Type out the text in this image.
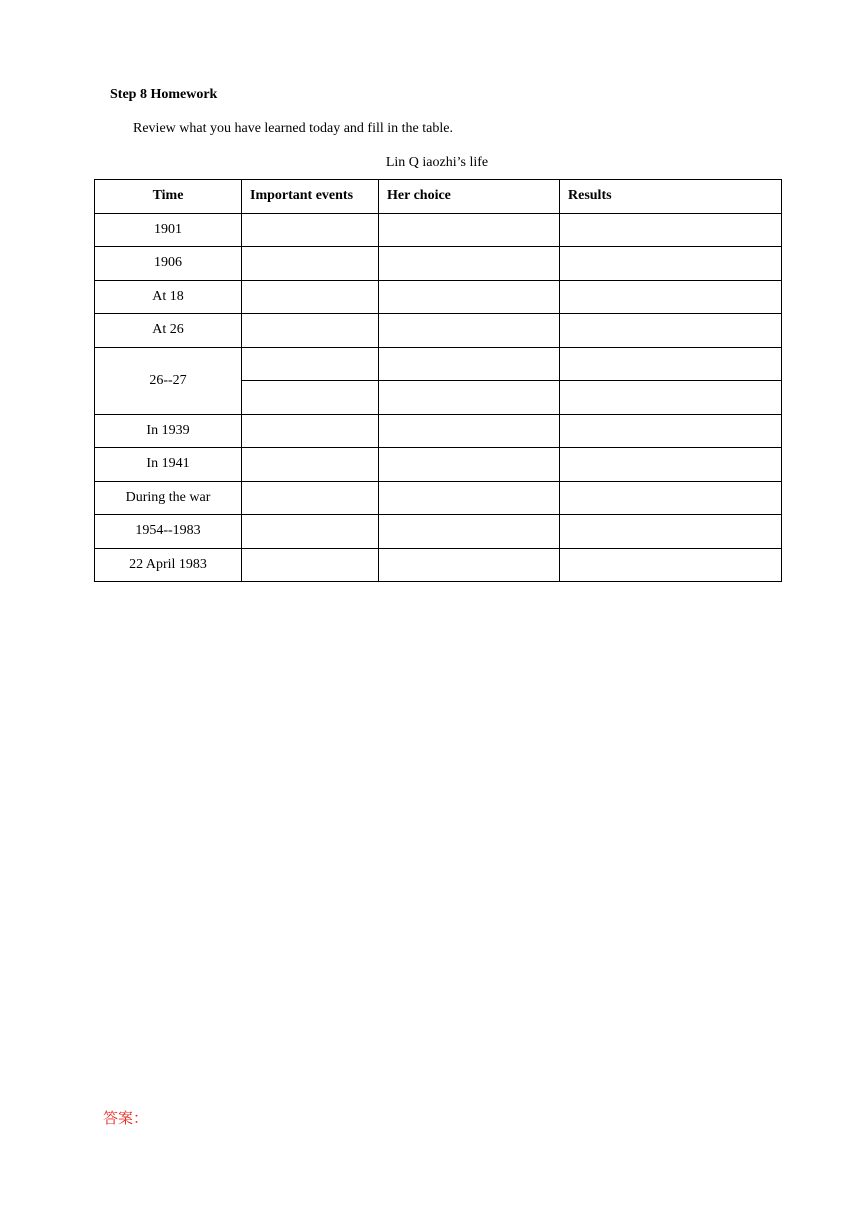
Step 8 Homework
Review what you have learned today and fill in the table.
Lin Q iaozhi’s life
Time	Important events	Her choice	Results
1901			
1906			
At 18			
At 26			
26--27			

In 1939			
In 1941			
During the war			
1954--1983			
22 April 1983			
答案：
